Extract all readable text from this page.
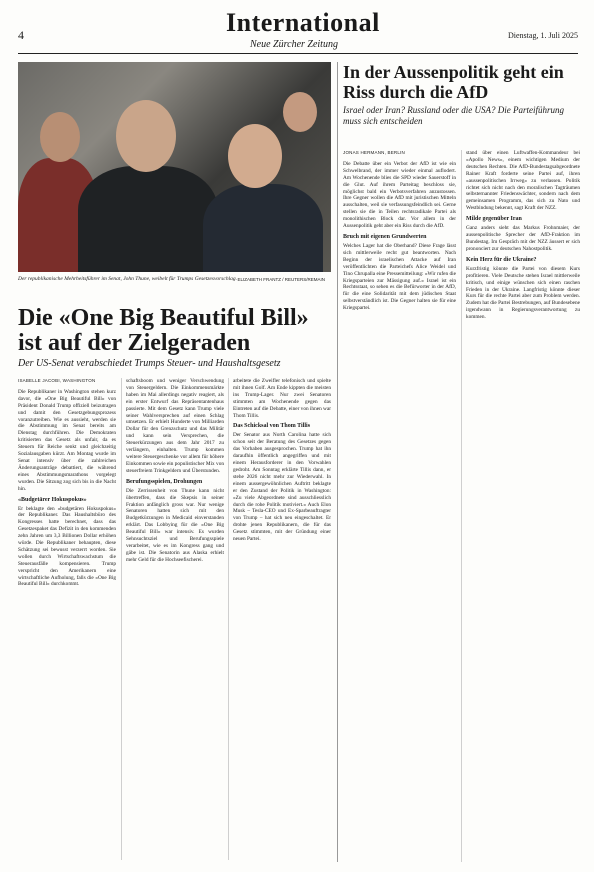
4	International
Neue Zürcher Zeitung
Dienstag, 1. Juli 2025
Der republikanische Mehrheitsführer im Senat, John Thune, weibelt für Trumps Gesetzesvorschlag. ELIZABETH FRANTZ / REUTERS/REMAIN
Die «One Big Beautiful Bill» ist auf der Zielgeraden
Der US-Senat verabschiedet Trumps Steuer- und Haushaltsgesetz
ISABELLE JACOBI, WASHINGTON

Die Republikaner in Washington stehen kurz davor, die «One Big Beautiful Bill» von Präsident Donald Trump offiziell beizutragen und damit den Gesetzgebungsprozess voranzutreiben. Wie es aussieht, werden sie die Abstimmung im Senat bereits am Dienstag durchführen. Die Demokraten kritisierten das Gesetz als unfair, da es Steuern für Reiche senkt und gleichzeitig Sozialausgaben kürzt. Am Montag wurde im Senat intensiv über die zahlreichen Änderungsanträge debattiert, die während eines Abstimmungsmarathons vorgelegt wurden. Die Sitzung zog sich bis in die Nacht hin.

«Budgetärer Hokuspokus»

Er beklagte den «budgetären Hokuspokus» der Republikaner. Das Haushaltsbüro des Kongresses hatte berechnet, dass das Gesetzespaket das Defizit in den kommenden zehn Jahren um 3,3 Billionen Dollar erhöhen würde. Die Republikaner behaupten, diese Schätzung sei bewusst verzerrt worden. Sie wollen durch Wirtschaftswachstum die Steuerausfälle kompensieren. Trump verspricht den Amerikanern eine wirtschaftliche Aufholung, falls die «One Big Beautiful Bill» durchkommt.

schaftsboom und weniger Verschwendung von Steuergeldern. Die Einkommensmärkte haben im Mai allerdings negativ reagiert, als ein erster Entwurf das Repräsentantenhaus passierte. Mit dem Gesetz kann Trump viele seiner Wahlversprechen auf einen Schlag umsetzen. Er erhielt Hunderte von Milliarden Dollar für den Grenzschutz und das Militär und kann sein Versprechen, die Steuerkürzungen aus dem Jahr 2017 zu verlängern, einhalten. Trump kommen weitere Steuergeschenke vor allem für höhere Einkommen sowie ein populistischer Mix von steuerfreiem Trinkgeldern und Überstunden.

Berufungsspielen, Drohungen

Die Zerrissenheit von Thune kann nicht übertreffen, dass die Skepsis in seiner Fraktion anfänglich gross war. Nur wenige Senatoren hatten sich mit den Budgetkürzungen in Medicaid einverstanden erklärt. Das Lobbying für die «One Big Beautiful Bill» war intensiv. Es wurden Sehnsuchtsziel und Berufungsspiele verarbeitet, wie es im Kongress gang und gäbe ist. Die Senatorin aus Alaska erhielt mehr Geld für die Hochseefischerei.

arbeitete die Zweifler telefonisch und spielte mit ihnen Golf. Am Ende kippten die meisten ins Trump-Lager. Nur zwei Senatoren stimmten am Wochenende gegen das Eintreten auf die Debatte, einer von ihnen war Thom Tillis.

Das Schicksal von Thom Tillis

Der Senator aus North Carolina hatte sich schon seit der Beratung des Gesetzes gegen das Vorhaben ausgesprochen. Trump hat ihn daraufhin öffentlich angegriffen und mit einem Herausforderer in den Vorwahlen gedroht. Am Sonntag erklärte Tillis dann, er stehe 2026 nicht mehr zur Wiederwahl. In einem aussergewöhnlichen Auftritt beklagte er den Zustand der Politik in Washington: «Zu viele Abgeordnete sind ausschliesslich durch die rohe Politik motiviert.» Auch Elon Musk – Tesla-CEO und Ex-Sparbeauftragter von Trump – hat sich neu eingeschaltet. Er drohte jenen Republikanern, die für das Gesetz stimmten, mit der Gründung einer neuen Partei.

In der Aussenpolitik geht ein Riss durch die AfD
Israel oder Iran? Russland oder die USA? Die Parteiführung muss sich entscheiden
JONAS HERMANN, BERLIN

Die Debatte über ein Verbot der AfD ist wie ein Schwelbrand, der immer wieder einmal auflodert. Am Wochenende blies die SPD wieder Sauerstoff in die Glut. Auf ihrem Parteitag beschloss sie, möglichst bald ein Verbotsverfahren anzustossen. Ihre Gegner wollen die AfD mit juristischen Mitteln ausschalten, weil sie verfassungsfeindlich sei. Gerne stellen sie die in Teilen rechtsradikale Partei als monolithischen Block dar. Vor allem in der Aussenpolitik geht aber ein Riss durch die AfD.

Bruch mit eigenen Grundwerten

Welches Lager hat die Oberhand? Diese Frage lässt sich mittlerweile recht gut beantworten. Nach Beginn der israelischen Attacke auf Iran veröffentlichten die Parteichefs Alice Weidel und Tino Chrupalla eine Pressemitteilung: «Wir rufen die Kriegsparteien zur Mässigung auf.» Israel ist ein Rechtsstaat, so sehen es die Befürworter in der AfD, für die eine Solidarität mit dem jüdischen Staat selbstverständlich ist. Die Gegner halten sie für eine Kriegspartei.

stand über einen Luftwaffen-Kommandeur bei «Apollo News», einem wichtigen Medium der deutschen Rechten. Die AfD-Bundestagsabgeordnete Rainer Kraft forderte seine Partei auf, ihren «aussenpolitischen Irrweg» zu verlassen. Politik richtet sich nicht nach den moralischen Tagträumen selbsternannter Friedenswächter, sondern nach dem gemeinsamen Programm, das sich zu Nato und Westbindung bekennt, sagt Kraft der NZZ.

Milde gegenüber Iran

Ganz anders sieht das Markus Frohnmaier, der aussenpolitische Sprecher der AfD-Fraktion im Bundestag. Im Gespräch mit der NZZ äussert er sich prononciert zur deutschen Nahostpolitik.

Kein Herz für die Ukraine?

Kurzfristig könnte die Partei von diesem Kurs profitieren. Viele Deutsche stehen Israel mittlerweile kritisch, und einige wünschen sich einen raschen Frieden in der Ukraine. Langfristig könnte dieser Kurs für die rechte Partei aber zum Problem werden. Zudem hat die Partei Bestrebungen, auf Bundesebene irgendwann in Regierungsverantwortung zu kommen.
